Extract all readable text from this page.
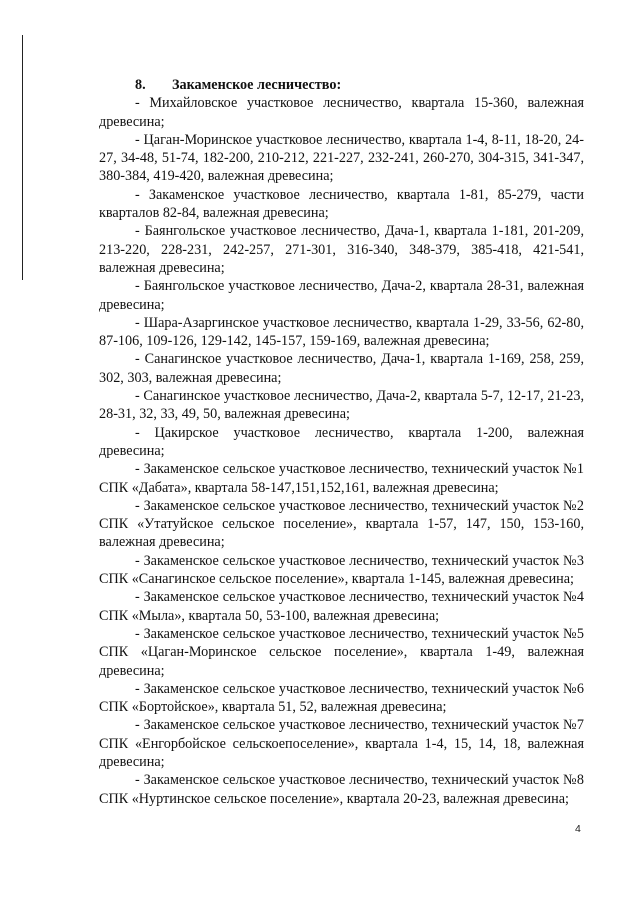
8. Закаменское лесничество:

- Михайловское участковое лесничество, квартала 15-360, валежная древесина;

- Цаган-Моринское участковое лесничество, квартала 1-4, 8-11, 18-20, 24-27, 34-48, 51-74, 182-200, 210-212, 221-227, 232-241, 260-270, 304-315, 341-347, 380-384, 419-420, валежная древесина;

- Закаменское участковое лесничество, квартала 1-81, 85-279, части кварталов 82-84, валежная древесина;

- Баянгольское участковое лесничество, Дача-1, квартала 1-181, 201-209, 213-220, 228-231, 242-257, 271-301, 316-340, 348-379, 385-418, 421-541, валежная древесина;

- Баянгольское участковое лесничество, Дача-2, квартала 28-31, валежная древесина;

- Шара-Азаргинское участковое лесничество, квартала 1-29, 33-56, 62-80, 87-106, 109-126, 129-142, 145-157, 159-169, валежная древесина;

- Санагинское участковое лесничество, Дача-1, квартала 1-169, 258, 259, 302, 303, валежная древесина;

- Санагинское участковое лесничество, Дача-2, квартала 5-7, 12-17, 21-23, 28-31, 32, 33, 49, 50, валежная древесина;

- Цакирское участковое лесничество, квартала 1-200, валежная древесина;

- Закаменское сельское участковое лесничество, технический участок №1 СПК «Дабата», квартала 58-147,151,152,161, валежная древесина;

- Закаменское сельское участковое лесничество, технический участок №2 СПК «Утатуйское сельское поселение», квартала 1-57, 147, 150, 153-160, валежная древесина;

- Закаменское сельское участковое лесничество, технический участок №3 СПК «Санагинское сельское поселение», квартала 1-145, валежная древесина;

- Закаменское сельское участковое лесничество, технический участок №4 СПК «Мыла», квартала 50, 53-100, валежная древесина;

- Закаменское сельское участковое лесничество, технический участок №5 СПК «Цаган-Моринское сельское поселение», квартала 1-49, валежная древесина;

- Закаменское сельское участковое лесничество, технический участок №6 СПК «Бортойское», квартала 51, 52, валежная древесина;

- Закаменское сельское участковое лесничество, технический участок №7 СПК «Енгорбойское сельскоепоселение», квартала 1-4, 15, 14, 18, валежная древесина;

- Закаменское сельское участковое лесничество, технический участок №8 СПК «Нуртинское сельское поселение», квартала 20-23, валежная древесина;

4
